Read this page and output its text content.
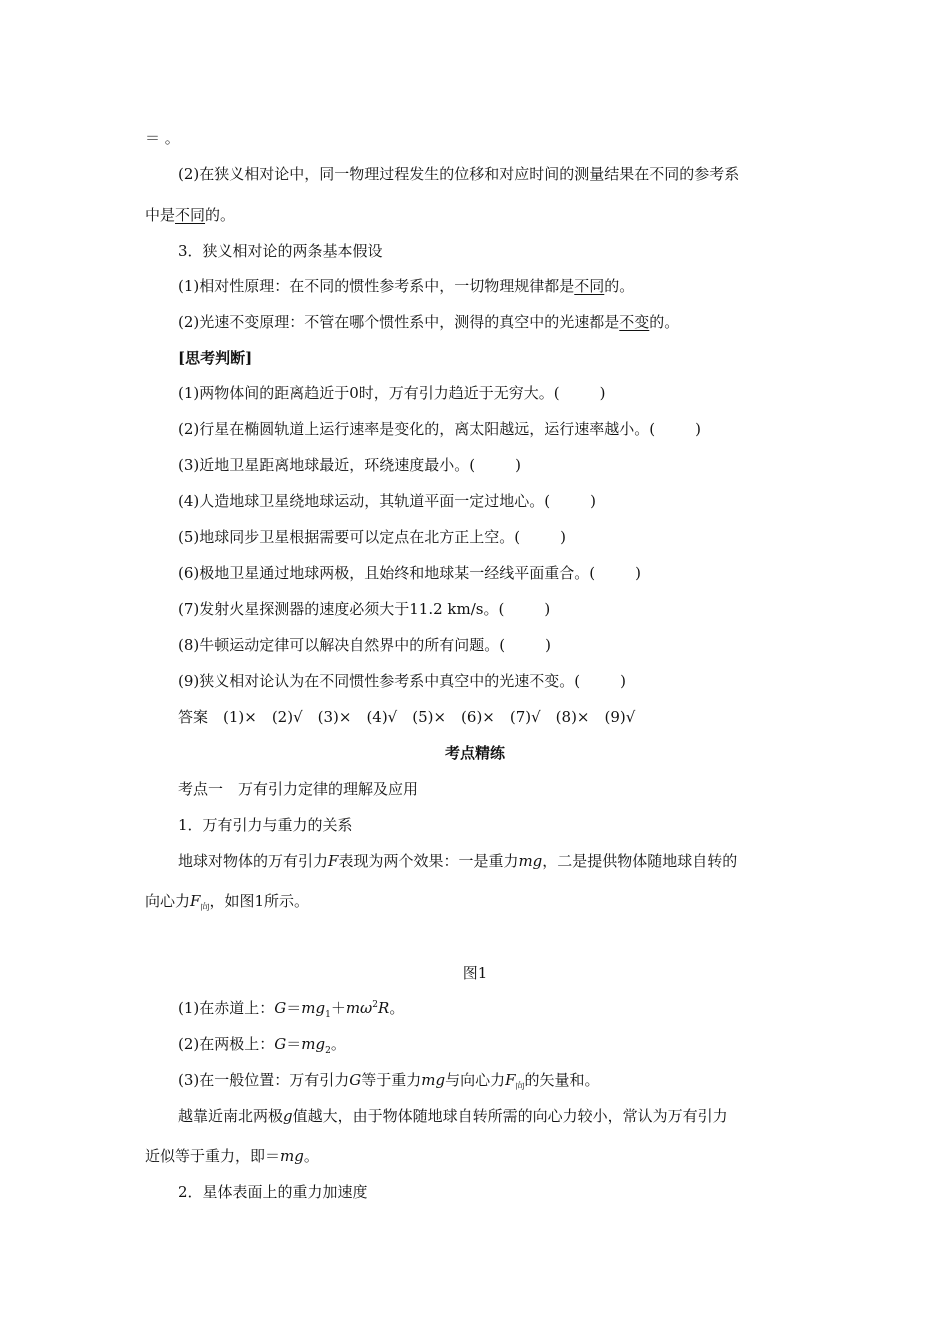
＝ 。
(2)在狭义相对论中，同一物理过程发生的位移和对应时间的测量结果在不同的参考系
中是不同的。
3．狭义相对论的两条基本假设
(1)相对性原理：在不同的惯性参考系中，一切物理规律都是不同的。
(2)光速不变原理：不管在哪个惯性系中，测得的真空中的光速都是不变的。
[思考判断]
(1)两物体间的距离趋近于0时，万有引力趋近于无穷大。(	)
(2)行星在椭圆轨道上运行速率是变化的，离太阳越远，运行速率越小。(	)
(3)近地卫星距离地球最近，环绕速度最小。(	)
(4)人造地球卫星绕地球运动，其轨道平面一定过地心。(	)
(5)地球同步卫星根据需要可以定点在北方正上空。(	)
(6)极地卫星通过地球两极，且始终和地球某一经线平面重合。(	)
(7)发射火星探测器的速度必须大于11.2 km/s。(	)
(8)牛顿运动定律可以解决自然界中的所有问题。(	)
(9)狭义相对论认为在不同惯性参考系中真空中的光速不变。(	)
答案　(1)×　(2)√　(3)×　(4)√　(5)×　(6)×　(7)√　(8)×　(9)√
考点精练
考点一　万有引力定律的理解及应用
1．万有引力与重力的关系
地球对物体的万有引力F表现为两个效果：一是重力mg，二是提供物体随地球自转的
向心力$F_向$，如图1所示。
图1
(1)在赤道上：$G=mg_1+m\omega^2R$。
(2)在两极上：$G=mg_2$。
(3)在一般位置：万有引力G等于重力mg与向心力$F_向$的矢量和。
越靠近南北两极g值越大，由于物体随地球自转所需的向心力较小，常认为万有引力
近似等于重力，即＝mg。
2．星体表面上的重力加速度
